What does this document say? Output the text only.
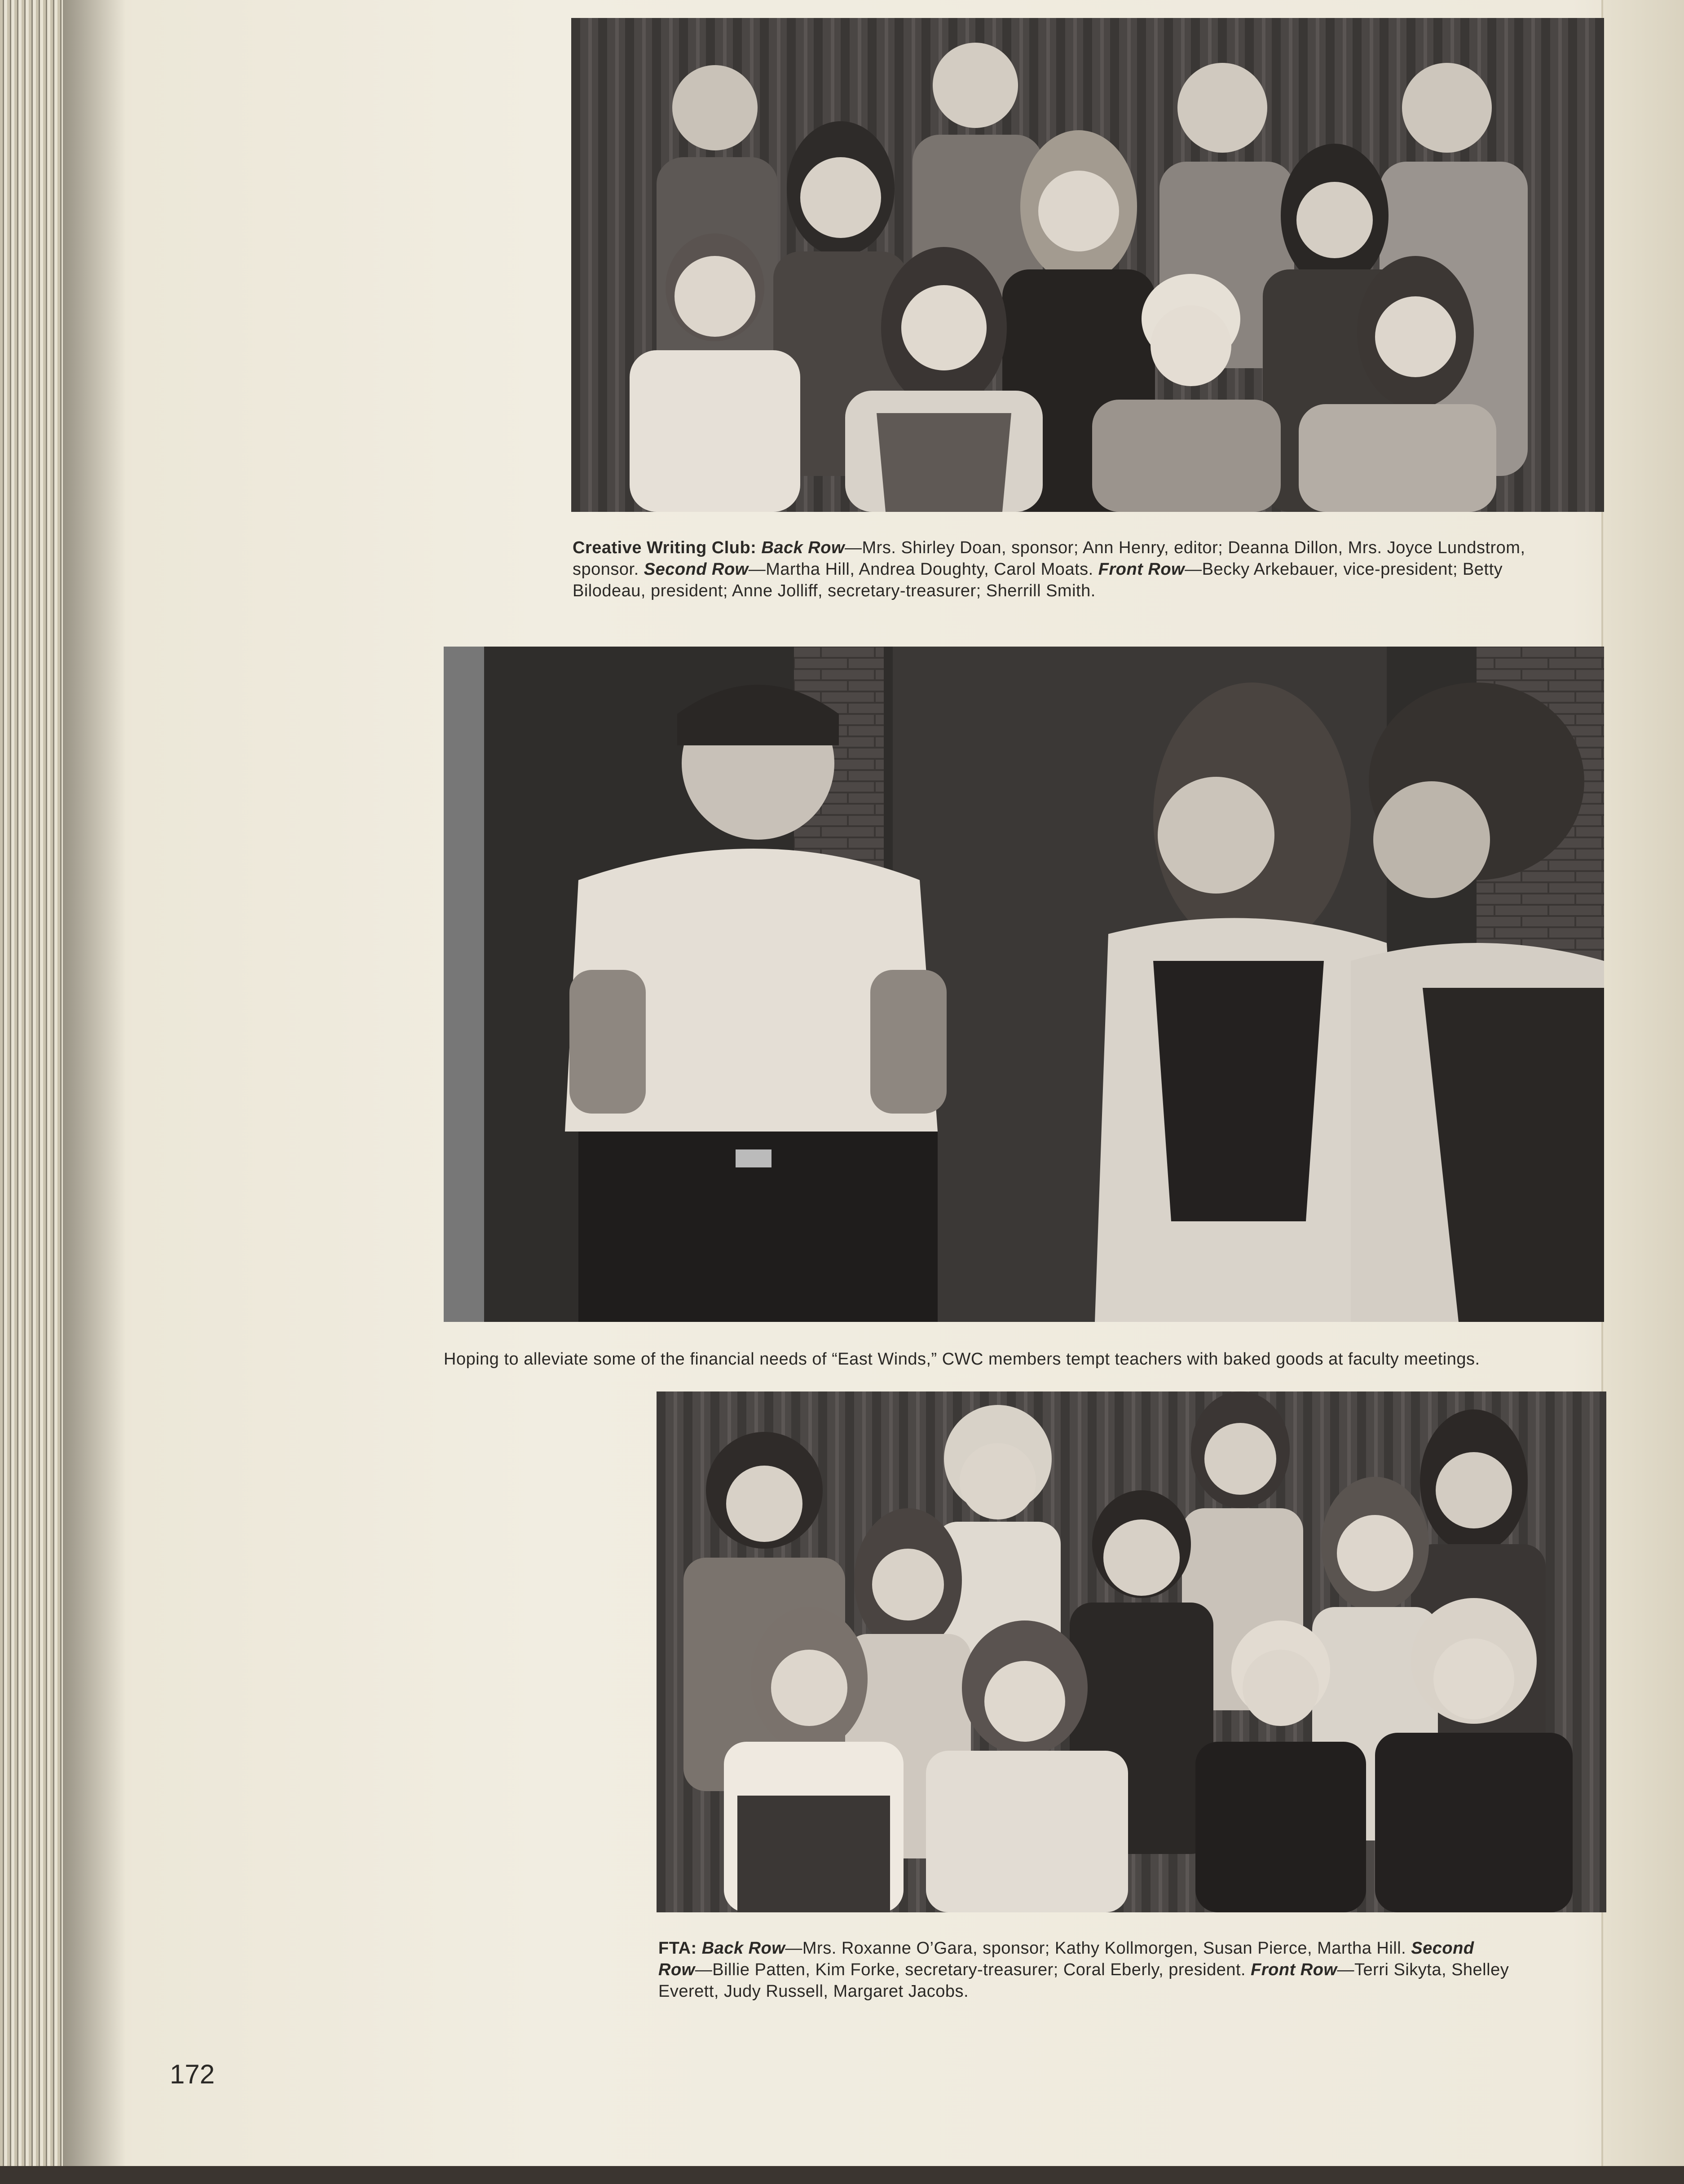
Creative Writing Club: Back Row—Mrs. Shirley Doan, sponsor; Ann Henry, editor; Deanna Dillon, Mrs. Joyce Lundstrom,
sponsor. Second Row—Martha Hill, Andrea Doughty, Carol Moats. Front Row—Becky Arkebauer, vice-president; Betty
Bilodeau, president; Anne Jolliff, secretary-treasurer; Sherrill Smith.
Hoping to alleviate some of the financial needs of “East Winds,” CWC members tempt teachers with baked goods at faculty meetings.
FTA: Back Row—Mrs. Roxanne O’Gara, sponsor; Kathy Kollmorgen, Susan Pierce, Martha Hill. Second
Row—Billie Patten, Kim Forke, secretary-treasurer; Coral Eberly, president. Front Row—Terri Sikyta, Shelley
Everett, Judy Russell, Margaret Jacobs.
172
